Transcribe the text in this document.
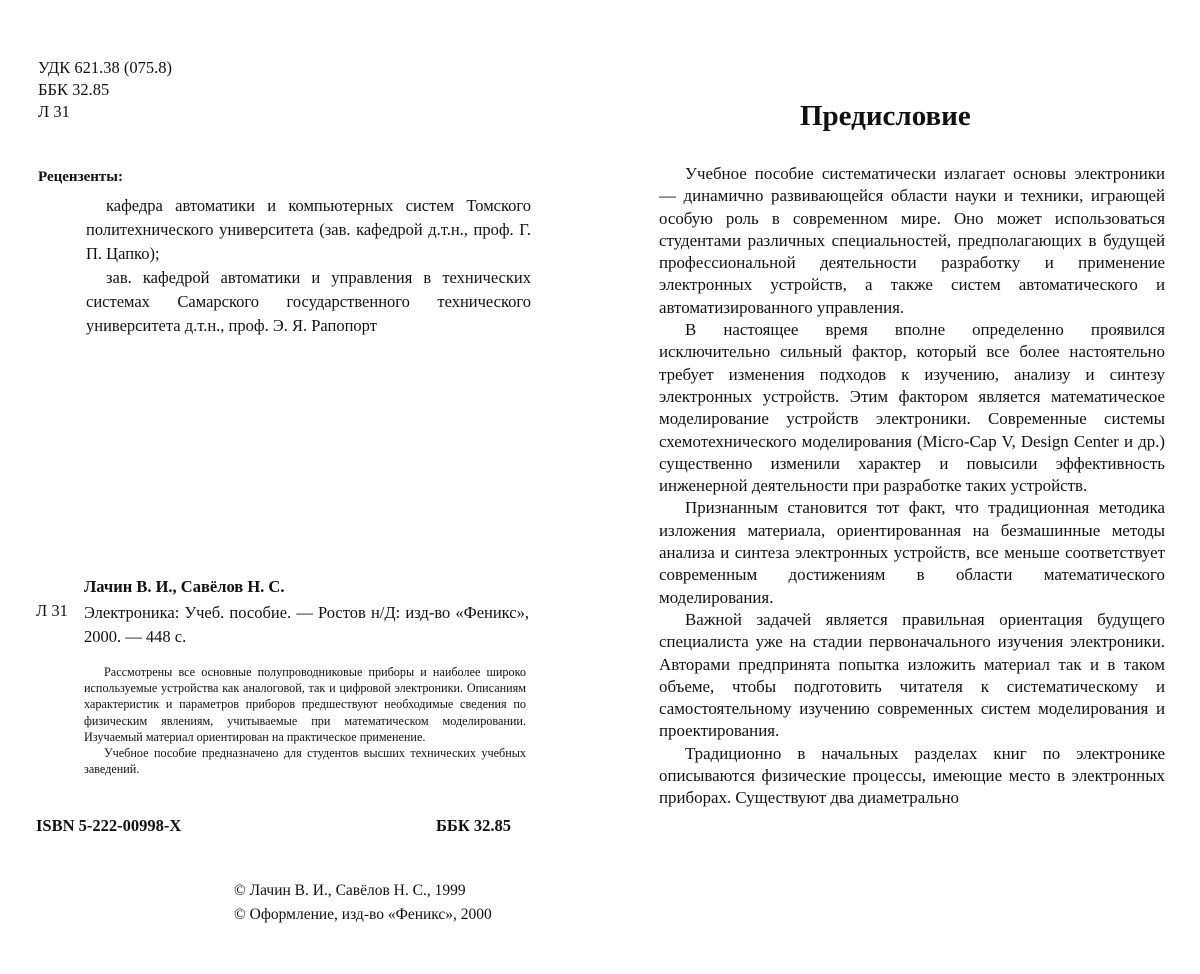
УДК 621.38 (075.8)
ББК 32.85
Л 31
Рецензенты:

кафедра автоматики и компьютерных систем Томского политехнического университета (зав. кафедрой д.т.н., проф. Г. П. Цапко);

зав. кафедрой автоматики и управления в технических системах Самарского государственного технического университета д.т.н., проф. Э. Я. Рапопорт

Лачин В. И., Савёлов Н. С.
Л 31 Электроника: Учеб. пособие. — Ростов н/Д: изд-во «Феникс», 2000. — 448 с.

Рассмотрены все основные полупроводниковые приборы и наиболее широко используемые устройства как аналоговой, так и цифровой электроники. Описаниям характеристик и параметров приборов предшествуют необходимые сведения по физическим явлениям, учитываемые при математическом моделировании. Изучаемый материал ориентирован на практическое применение.

Учебное пособие предназначено для студентов высших технических учебных заведений.

ISBN 5-222-00998-X	ББК 32.85
© Лачин В. И., Савёлов Н. С., 1999
© Оформление, изд-во «Феникс», 2000
Предисловие

Учебное пособие систематически излагает основы электроники — динамично развивающейся области науки и техники, играющей особую роль в современном мире. Оно может использоваться студентами различных специальностей, предполагающих в будущей профессиональной деятельности разработку и применение электронных устройств, а также систем автоматического и автоматизированного управления.

В настоящее время вполне определенно проявился исключительно сильный фактор, который все более настоятельно требует изменения подходов к изучению, анализу и синтезу электронных устройств. Этим фактором является математическое моделирование устройств электроники. Современные системы схемотехнического моделирования (Micro-Cap V, Design Center и др.) существенно изменили характер и повысили эффективность инженерной деятельности при разработке таких устройств.

Признанным становится тот факт, что традиционная методика изложения материала, ориентированная на безмашинные методы анализа и синтеза электронных устройств, все меньше соответствует современным достижениям в области математического моделирования.

Важной задачей является правильная ориентация будущего специалиста уже на стадии первоначального изучения электроники. Авторами предпринята попытка изложить материал так и в таком объеме, чтобы подготовить читателя к систематическому и самостоятельному изучению современных систем моделирования и проектирования.

Традиционно в начальных разделах книг по электронике описываются физические процессы, имеющие место в электронных приборах. Существуют два диаметрально
